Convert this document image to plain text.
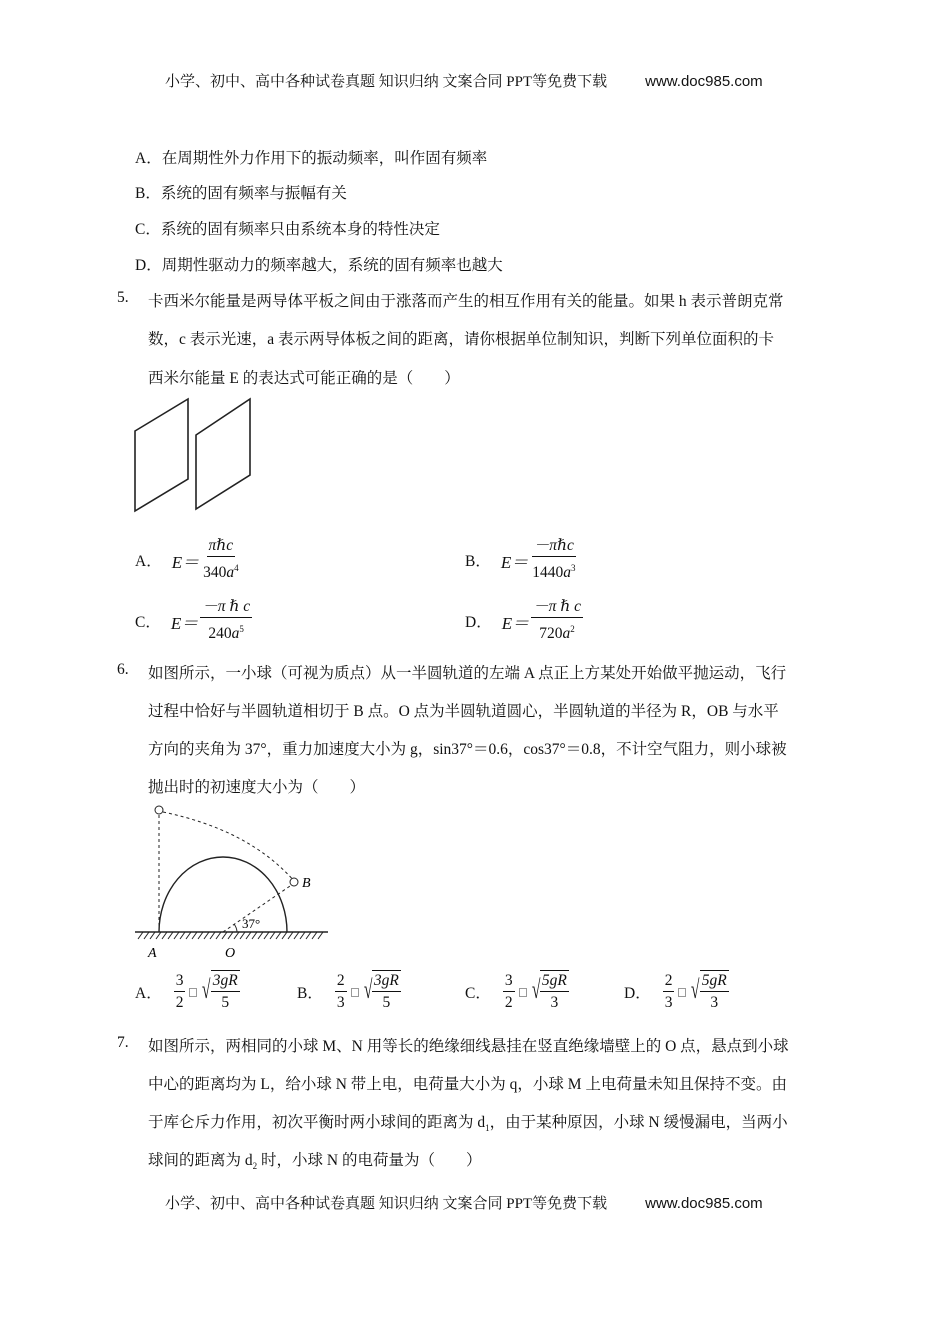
小学、初中、高中各种试卷真题 知识归纳 文案合同 PPT等免费下载	www.doc985.com
A．在周期性外力作用下的振动频率，叫作固有频率
B．系统的固有频率与振幅有关
C．系统的固有频率只由系统本身的特性决定
D．周期性驱动力的频率越大，系统的固有频率也越大
5. 卡西米尔能量是两导体平板之间由于涨落而产生的相互作用有关的能量。如果 h 表示普朗克常
数，c 表示光速，a 表示两导体板之间的距离，请你根据单位制知识，判断下列单位面积的卡
西米尔能量 E 的表达式可能正确的是（　　）
A． $E= \frac{\text{πℏc}}{340a^4}$	B． $E= \frac{\text{－πℏc}}{1440a^3}$
C． $E= \frac{\text{－π ℏ c}}{240a^5}$	D． $E= \frac{\text{－π ℏ c}}{720a^2}$
6. 如图所示，一小球（可视为质点）从一半圆轨道的左端 A 点正上方某处开始做平抛运动，飞行
过程中恰好与半圆轨道相切于 B 点。O 点为半圆轨道圆心，半圆轨道的半径为 R，OB 与水平
方向的夹角为 37°，重力加速度大小为 g，sin37°＝0.6，cos37°＝0.8，不计空气阻力，则小球被
抛出时的初速度大小为（　　）
A	O
B
37°
A． $\frac{3}{2}$ √ $\frac{3gR}{5}$	B． $\frac{2}{3}$ √ $\frac{3gR}{5}$	C． $\frac{3}{2}$ √ $\frac{5gR}{3}$	D． $\frac{2}{3}$ √ $\frac{5gR}{3}$
7. 如图所示，两相同的小球 M、N 用等长的绝缘细线悬挂在竖直绝缘墙壁上的 O 点，悬点到小球
中心的距离均为 L，给小球 N 带上电，电荷量大小为 q，小球 M 上电荷量未知且保持不变。由
于库仑斥力作用，初次平衡时两小球间的距离为 $d_1$，由于某种原因，小球 N 缓慢漏电，当两小
球间的距离为 $d_2$ 时，小球 N 的电荷量为（　　）
小学、初中、高中各种试卷真题 知识归纳 文案合同 PPT等免费下载	www.doc985.com
